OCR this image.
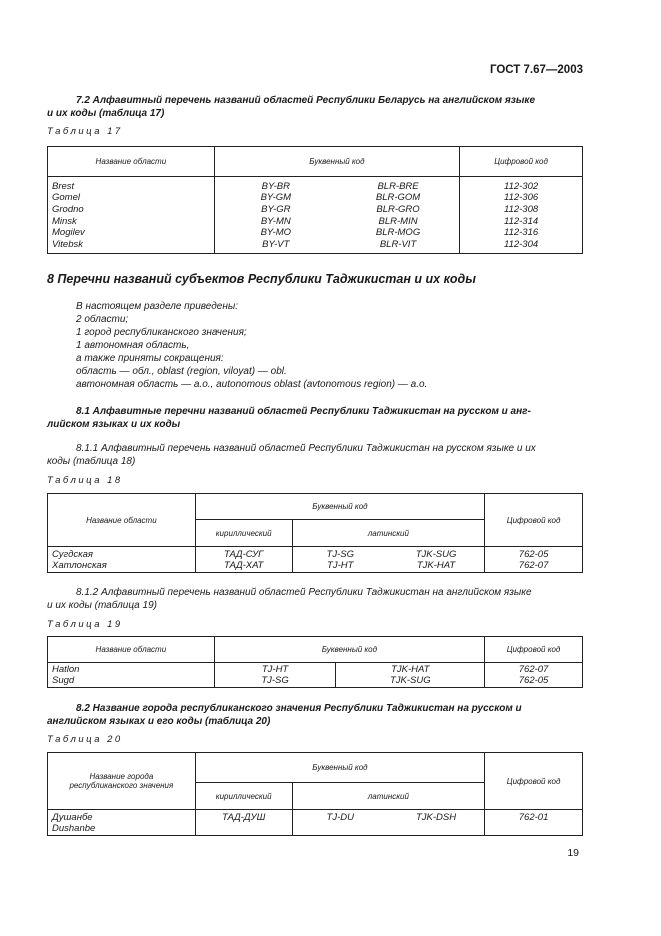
ГОСТ 7.67—2003
7.2 Алфавитный перечень названий областей Республики Беларусь на английском языке
и их коды (таблица 17)
Таблица 17
Название области	Буквенный код		Цифровой код

Brest	BY-BR	BLR-BRE	112-302
Gomel	BY-GM	BLR-GOM	112-306
Grodno	BY-GR	BLR-GRO	112-308
Minsk	BY-MN	BLR-MIN	112-314
Mogilev	BY-MO	BLR-MOG	112-316
Vitebsk	BY-VT	BLR-VIT	112-304

8 Перечни названий субъектов Республики Таджикистан и их коды
В настоящем разделе приведены:
2 области;
1 город республиканского значения;
1 автономная область,
а также приняты сокращения:
область — обл., oblast (region, viloyat) — obl.
автономная область — а.о., autonomous oblast (avtonomous region) — a.o.
8.1 Алфавитные перечни названий областей Республики Таджикистан на русском и анг-
лийском языках и их коды
8.1.1 Алфавитный перечень названий областей Республики Таджикистан на русском языке и их
коды (таблица 18)
Таблица 18
Название области	Буквенный код			Цифровой код
	кириллический	латинский		

Сугдская	ТАД-СУГ	TJ-SG	TJK-SUG	762-05
Хатлонская	ТАД-ХАТ	TJ-HT	TJK-HAT	762-07
8.1.2 Алфавитный перечень названий областей Республики Таджикистан на английском языке
и их коды (таблица 19)
Таблица 19
Название области	Буквенный код		Цифровой код

Hatlon	TJ-HT	TJK-HAT	762-07
Sugd	TJ-SG	TJK-SUG	762-05
8.2 Название города республиканского значения Республики Таджикистан на русском и
английском языках и его коды (таблица 20)
Таблица 20
Название города
республиканского значения	Буквенный код			Цифровой код
	кириллический	латинский		

Душанбе
Dushanbe	ТАД-ДУШ	TJ-DU	TJK-DSH	762-01
19
